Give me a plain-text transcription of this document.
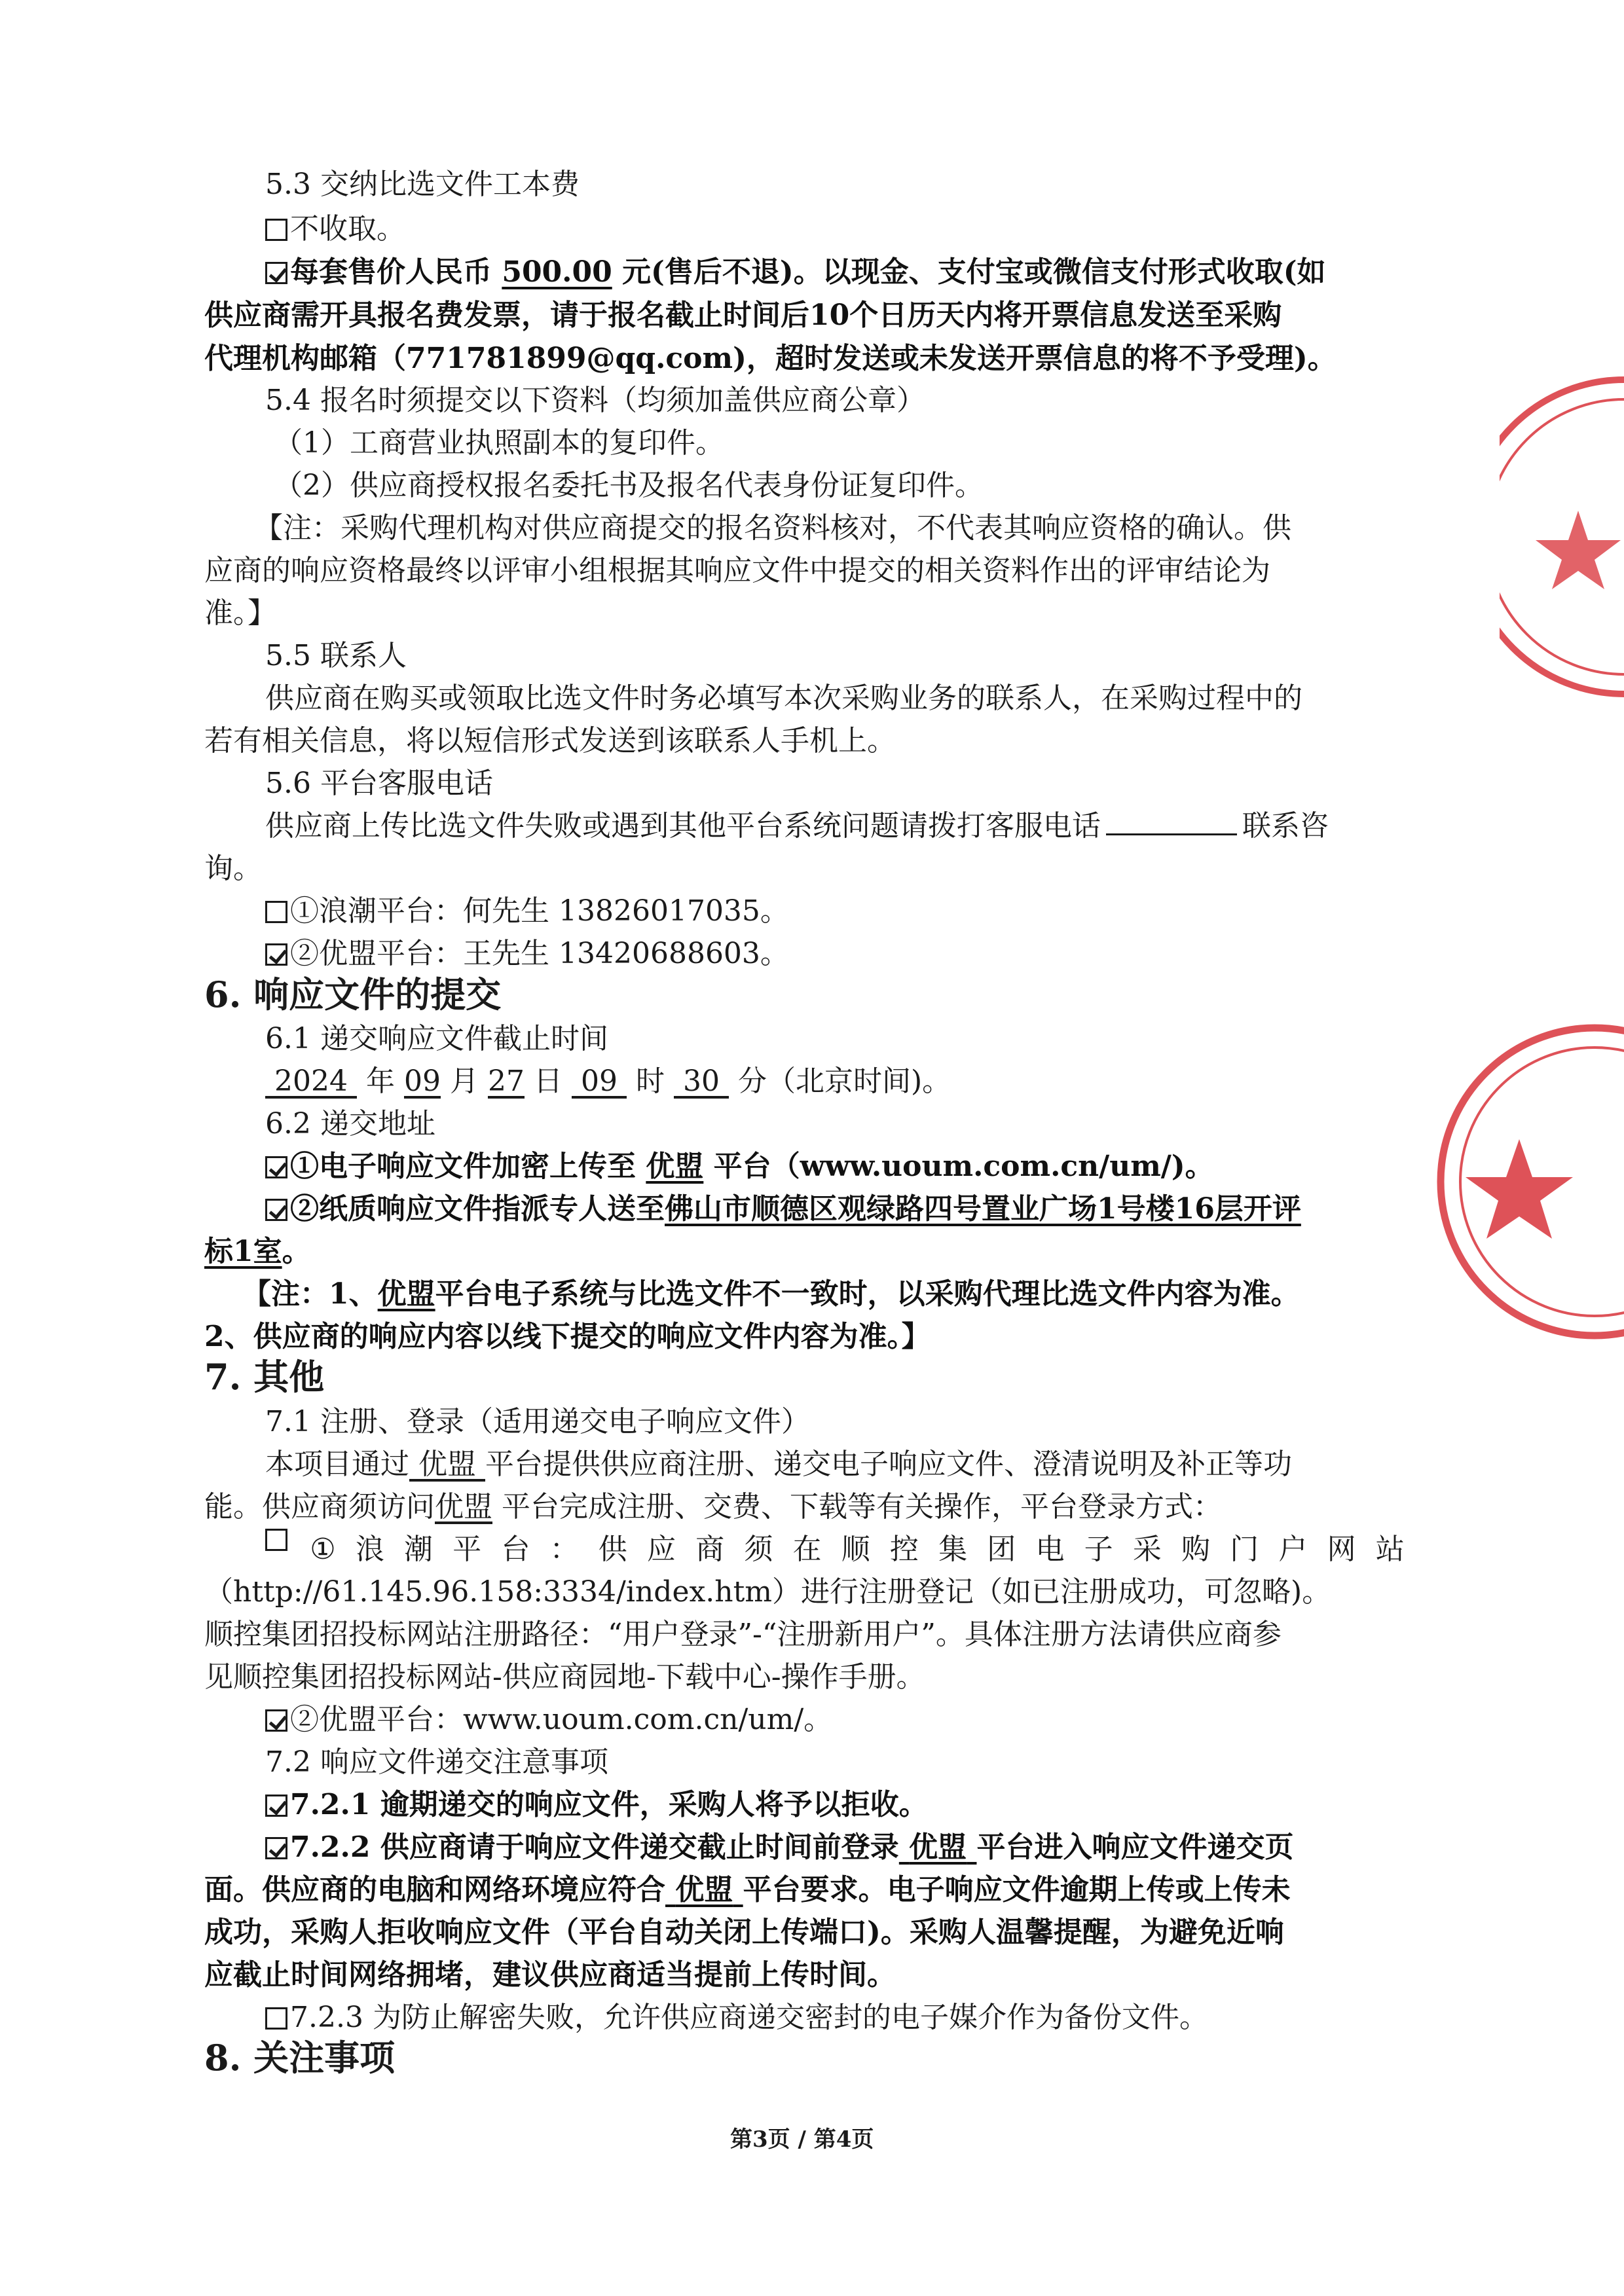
5.3 交纳比选文件工本费
不收取。
每套售价人民币 500.00 元(售后不退)。以现金、支付宝或微信支付形式收取(如
供应商需开具报名费发票，请于报名截止时间后10个日历天内将开票信息发送至采购
代理机构邮箱（771781899@qq.com)，超时发送或未发送开票信息的将不予受理)。
5.4 报名时须提交以下资料（均须加盖供应商公章）
（1）工商营业执照副本的复印件。
（2）供应商授权报名委托书及报名代表身份证复印件。
【注：采购代理机构对供应商提交的报名资料核对，不代表其响应资格的确认。供
应商的响应资格最终以评审小组根据其响应文件中提交的相关资料作出的评审结论为
准。】
5.5 联系人
供应商在购买或领取比选文件时务必填写本次采购业务的联系人，在采购过程中的
若有相关信息，将以短信形式发送到该联系人手机上。
5.6 平台客服电话
供应商上传比选文件失败或遇到其他平台系统问题请拨打客服电话	联系咨
询。
①浪潮平台：何先生 13826017035。
②优盟平台：王先生 13420688603。
6. 响应文件的提交
6.1 递交响应文件截止时间
2024 年 09 月 27 日 09 时 30 分（北京时间)。
6.2 递交地址
①电子响应文件加密上传至 优盟 平台（www.uoum.com.cn/um/)。
②纸质响应文件指派专人送至佛山市顺德区观绿路四号置业广场1号楼16层开评
标1室。
【注：1、优盟平台电子系统与比选文件不一致时，以采购代理比选文件内容为准。
2、供应商的响应内容以线下提交的响应文件内容为准。】
7. 其他
7.1 注册、登录（适用递交电子响应文件）
本项目通过 优盟 平台提供供应商注册、递交电子响应文件、澄清说明及补正等功
能。供应商须访问优盟 平台完成注册、交费、下载等有关操作，平台登录方式：
① 浪 潮 平 台 ： 供 应 商 须 在 顺 控 集 团 电 子 采 购 门 户 网 站
（http://61.145.96.158:3334/index.htm）进行注册登记（如已注册成功，可忽略)。
顺控集团招投标网站注册路径：“用户登录”-“注册新用户”。具体注册方法请供应商参
见顺控集团招投标网站-供应商园地-下载中心-操作手册。
②优盟平台：www.uoum.com.cn/um/。
7.2 响应文件递交注意事项
7.2.1 逾期递交的响应文件，采购人将予以拒收。
7.2.2 供应商请于响应文件递交截止时间前登录 优盟 平台进入响应文件递交页
面。供应商的电脑和网络环境应符合 优盟 平台要求。电子响应文件逾期上传或上传未
成功，采购人拒收响应文件（平台自动关闭上传端口)。采购人温馨提醒，为避免近响
应截止时间网络拥堵，建议供应商适当提前上传时间。
7.2.3 为防止解密失败，允许供应商递交密封的电子媒介作为备份文件。
8. 关注事项
第3页 / 第4页
